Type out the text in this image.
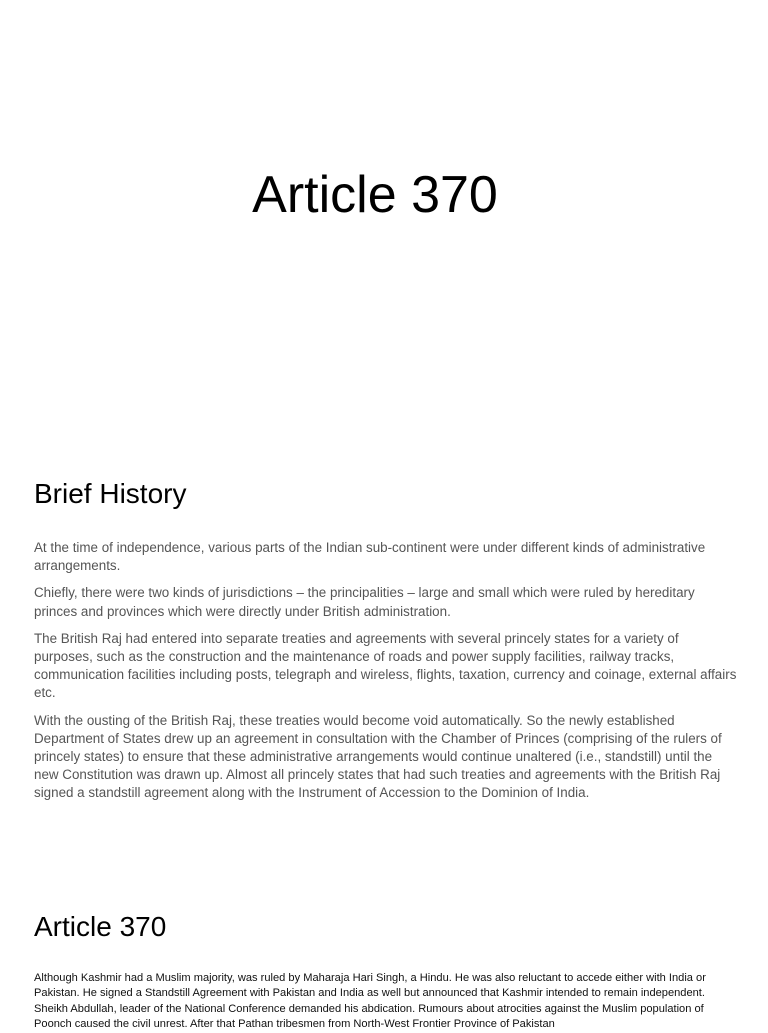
Article 370
Brief History

At the time of independence, various parts of the Indian sub-continent were under different kinds of administrative arrangements.

Chiefly, there were two kinds of jurisdictions – the principalities – large and small which were ruled by hereditary princes and provinces which were directly under British administration.

The British Raj had entered into separate treaties and agreements with several princely states for a variety of purposes, such as the construction and the maintenance of roads and power supply facilities, railway tracks, communication facilities including posts, telegraph and wireless, flights, taxation, currency and coinage, external affairs etc.

With the ousting of the British Raj, these treaties would become void automatically. So the newly established Department of States drew up an agreement in consultation with the Chamber of Princes (comprising of the rulers of princely states) to ensure that these administrative arrangements would continue unaltered (i.e., standstill) until the new Constitution was drawn up. Almost all princely states that had such treaties and agreements with the British Raj signed a standstill agreement along with the Instrument of Accession to the Dominion of India.

Article 370

Although Kashmir had a Muslim majority, was ruled by Maharaja Hari Singh, a Hindu. He was also reluctant to accede either with India or Pakistan. He signed a Standstill Agreement with Pakistan and India as well but announced that Kashmir intended to remain independent. Sheikh Abdullah, leader of the National Conference demanded his abdication. Rumours about atrocities against the Muslim population of Poonch caused the civil unrest. After that Pathan tribesmen from North-West Frontier Province of Pakistan
